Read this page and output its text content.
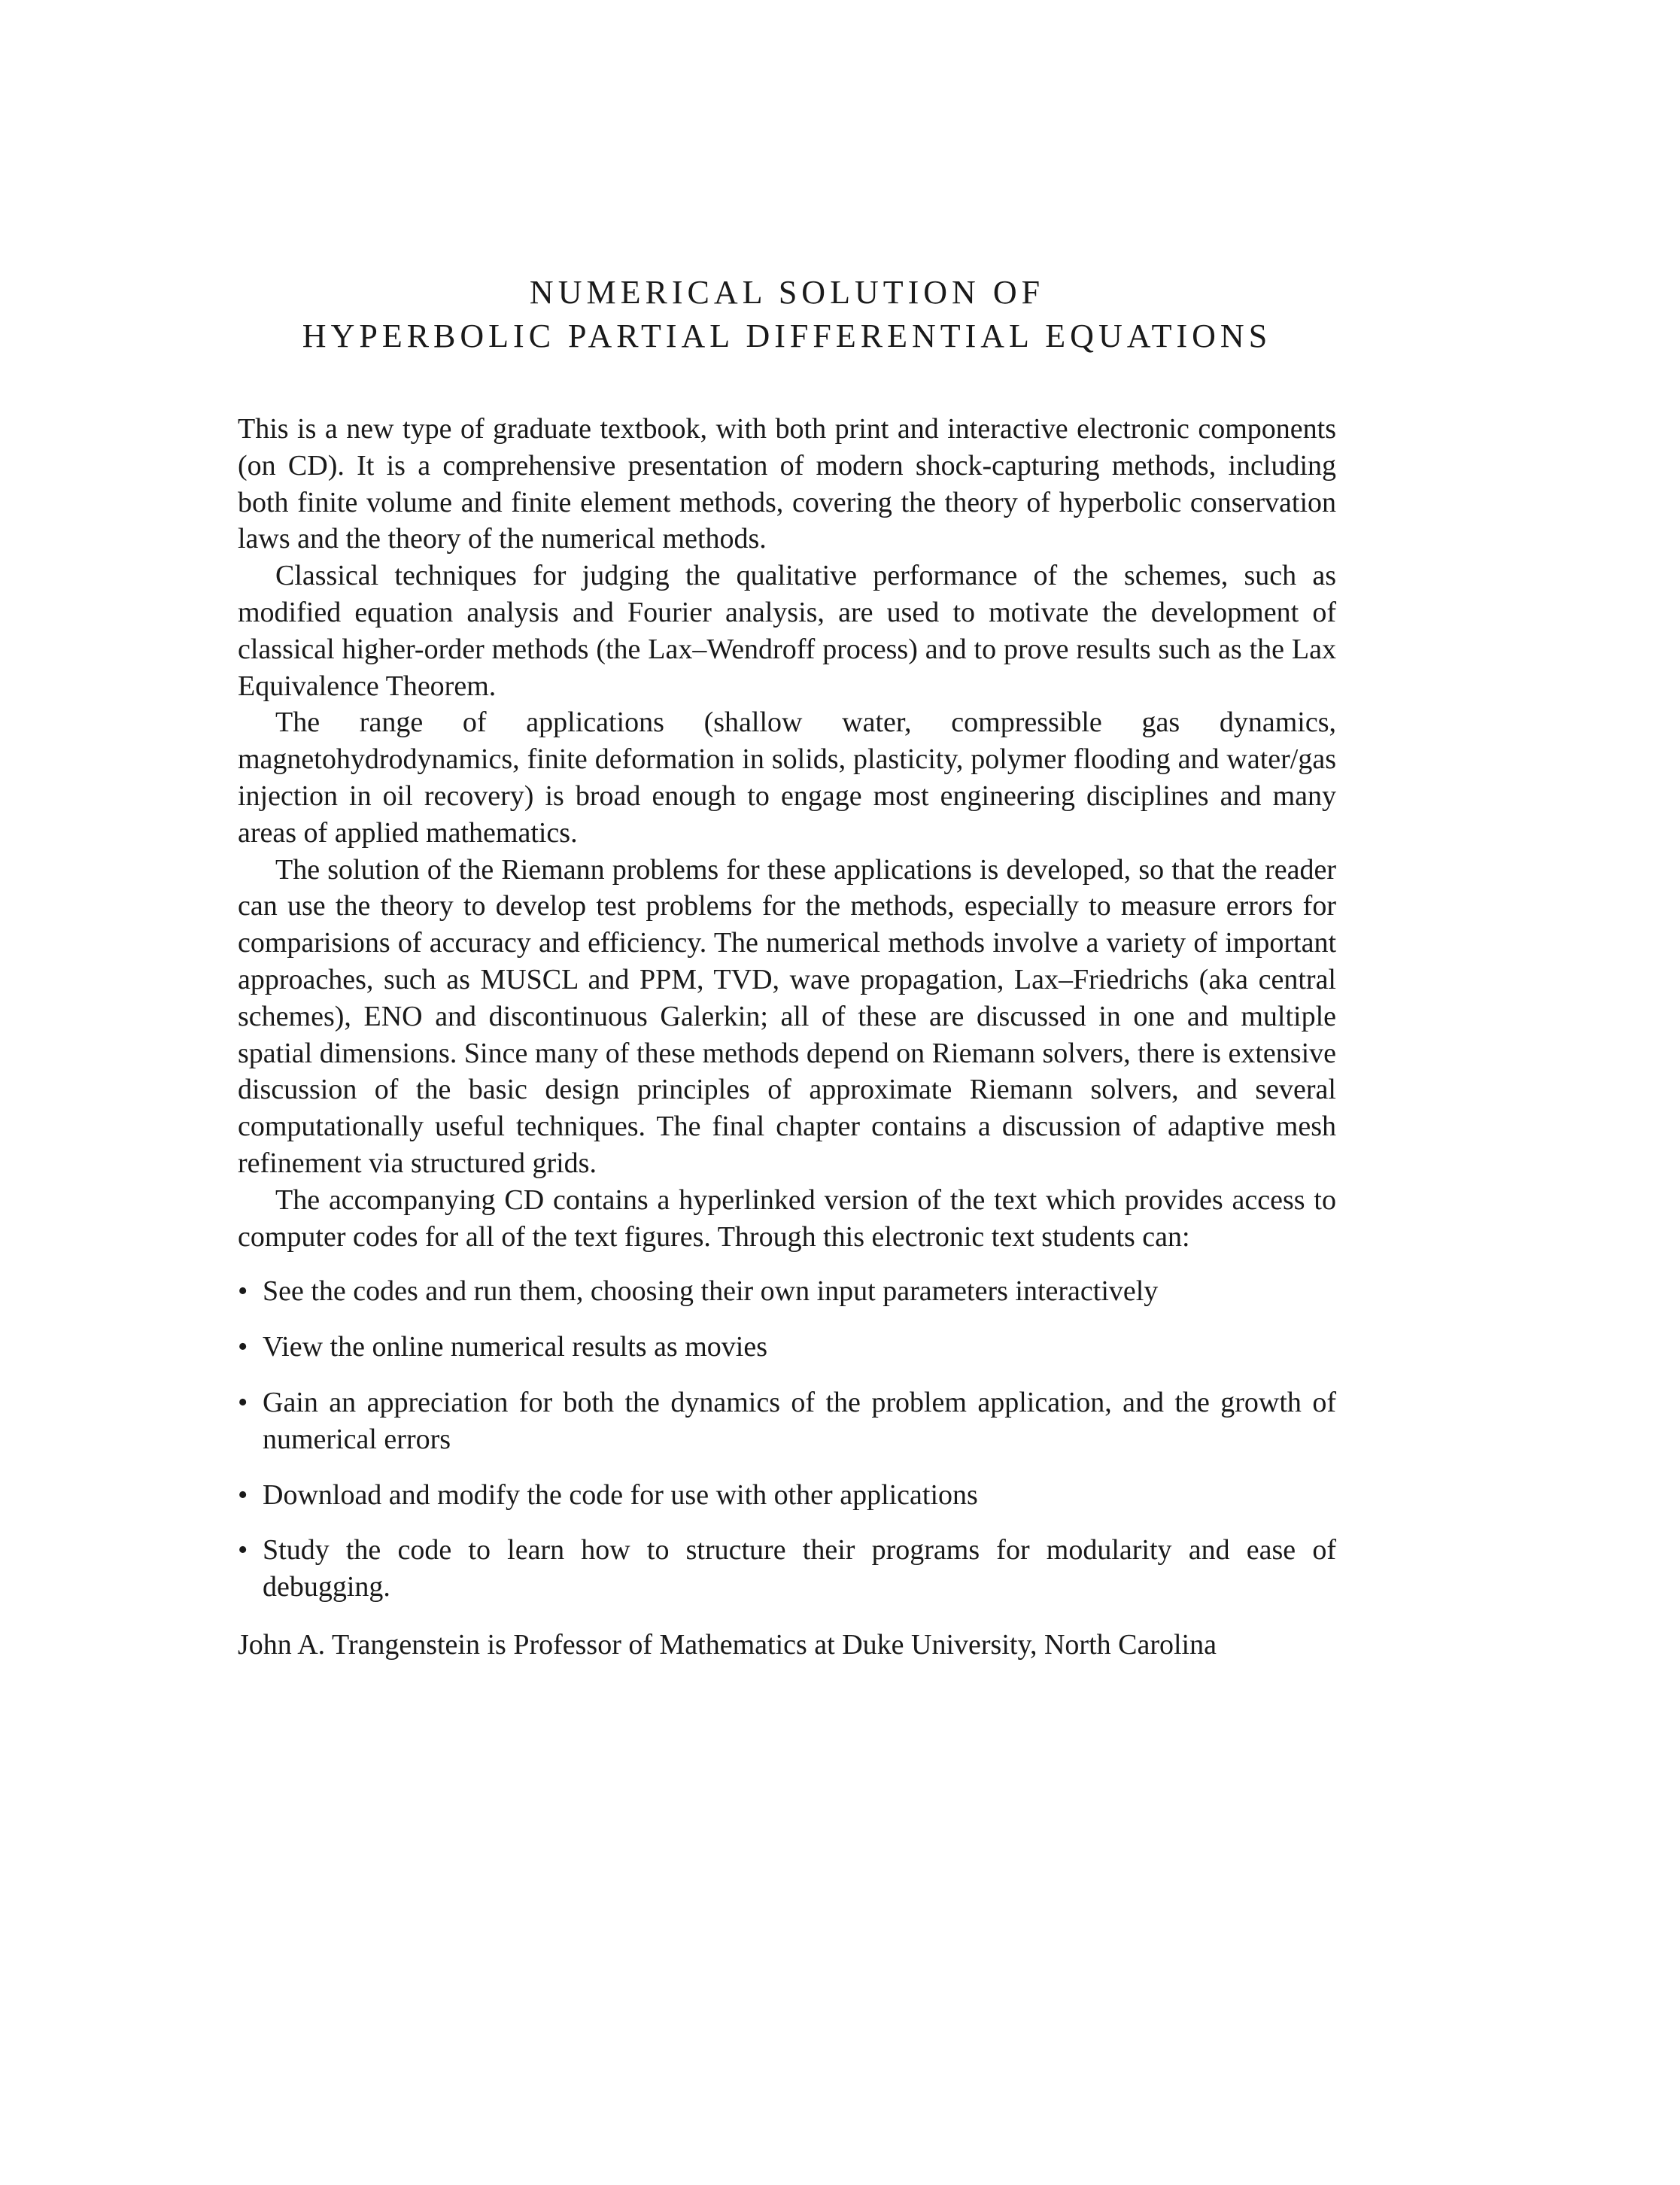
NUMERICAL SOLUTION OF
HYPERBOLIC PARTIAL DIFFERENTIAL EQUATIONS

This is a new type of graduate textbook, with both print and interactive electronic components (on CD). It is a comprehensive presentation of modern shock-capturing methods, including both finite volume and finite element methods, covering the theory of hyperbolic conservation laws and the theory of the numerical methods.

Classical techniques for judging the qualitative performance of the schemes, such as modified equation analysis and Fourier analysis, are used to motivate the development of classical higher-order methods (the Lax–Wendroff process) and to prove results such as the Lax Equivalence Theorem.

The range of applications (shallow water, compressible gas dynamics, magnetohydrodynamics, finite deformation in solids, plasticity, polymer flooding and water/gas injection in oil recovery) is broad enough to engage most engineering disciplines and many areas of applied mathematics.

The solution of the Riemann problems for these applications is developed, so that the reader can use the theory to develop test problems for the methods, especially to measure errors for comparisions of accuracy and efficiency. The numerical methods involve a variety of important approaches, such as MUSCL and PPM, TVD, wave propagation, Lax–Friedrichs (aka central schemes), ENO and discontinuous Galerkin; all of these are discussed in one and multiple spatial dimensions. Since many of these methods depend on Riemann solvers, there is extensive discussion of the basic design principles of approximate Riemann solvers, and several computationally useful techniques. The final chapter contains a discussion of adaptive mesh refinement via structured grids.

The accompanying CD contains a hyperlinked version of the text which provides access to computer codes for all of the text figures. Through this electronic text students can:

• See the codes and run them, choosing their own input parameters interactively
• View the online numerical results as movies
• Gain an appreciation for both the dynamics of the problem application, and the growth of numerical errors
• Download and modify the code for use with other applications
• Study the code to learn how to structure their programs for modularity and ease of debugging.

John A. Trangenstein is Professor of Mathematics at Duke University, North Carolina
